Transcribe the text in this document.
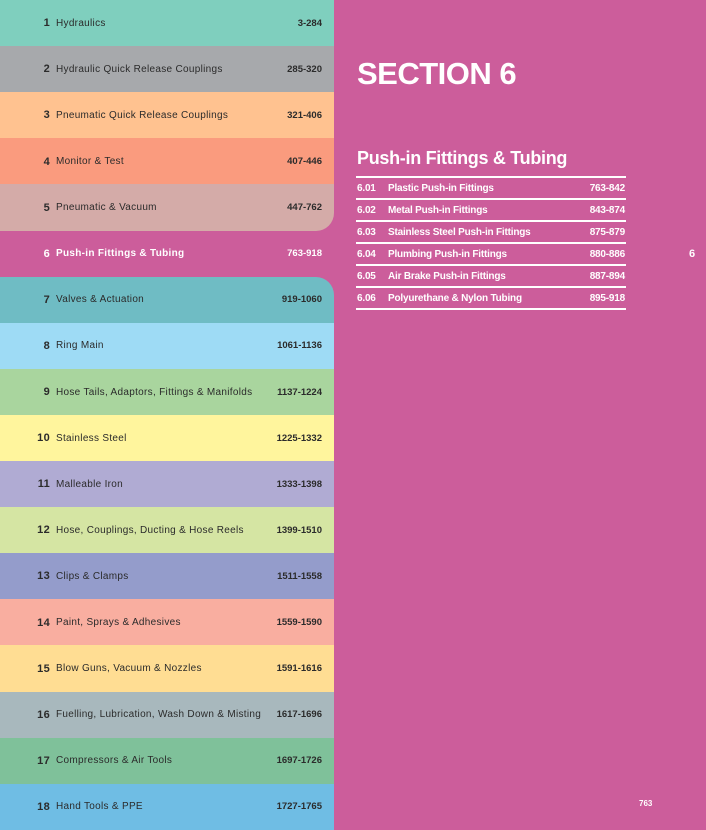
1 Hydraulics	3-284
2 Hydraulic Quick Release Couplings	285-320
3 Pneumatic Quick Release Couplings	321-406
4 Monitor & Test	407-446
5 Pneumatic & Vacuum	447-762
6 Push-in Fittings & Tubing	763-918
7 Valves & Actuation	919-1060
8 Ring Main	1061-1136
9 Hose Tails, Adaptors, Fittings & Manifolds	1137-1224
10 Stainless Steel	1225-1332
11 Malleable Iron	1333-1398
12 Hose, Couplings, Ducting & Hose Reels	1399-1510
13 Clips & Clamps	1511-1558
14 Paint, Sprays & Adhesives	1559-1590
15 Blow Guns, Vacuum & Nozzles	1591-1616
16 Fuelling, Lubrication, Wash Down & Misting	1617-1696
17 Compressors & Air Tools	1697-1726
18 Hand Tools & PPE	1727-1765
SECTION 6
Push-in Fittings & Tubing
6.01	Plastic Push-in Fittings	763-842
6.02	Metal Push-in Fittings	843-874
6.03	Stainless Steel Push-in Fittings	875-879
6.04	Plumbing Push-in Fittings	880-886
6.05	Air Brake Push-in Fittings	887-894
6.06	Polyurethane & Nylon Tubing	895-918
6
763
